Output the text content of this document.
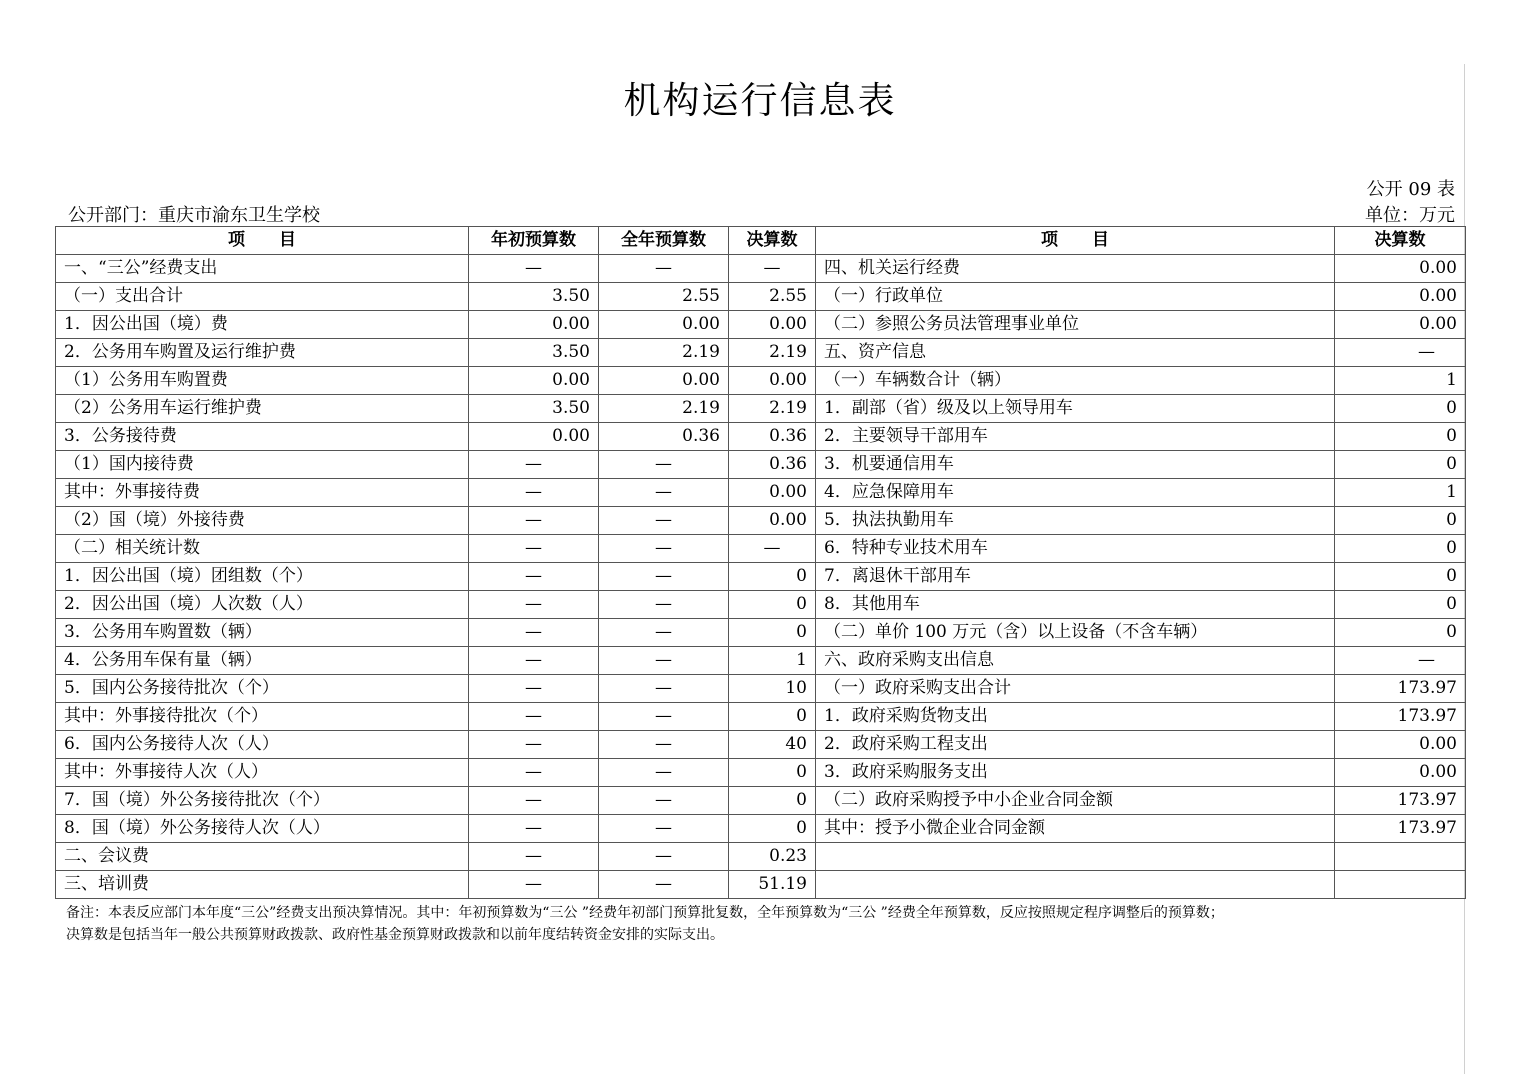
机构运行信息表
公开 09 表
公开部门：重庆市渝东卫生学校	单位：万元
项　　目	年初预算数	全年预算数	决算数	项　　目	决算数
一、“三公”经费支出	—	—	—	四、机关运行经费	0.00
（一）支出合计	3.50	2.55	2.55	（一）行政单位	0.00
1．因公出国（境）费	0.00	0.00	0.00	（二）参照公务员法管理事业单位	0.00
2．公务用车购置及运行维护费	3.50	2.19	2.19	五、资产信息	—
（1）公务用车购置费	0.00	0.00	0.00	（一）车辆数合计（辆）	1
（2）公务用车运行维护费	3.50	2.19	2.19	1．副部（省）级及以上领导用车	0
3．公务接待费	0.00	0.36	0.36	2．主要领导干部用车	0
（1）国内接待费	—	—	0.36	3．机要通信用车	0
其中：外事接待费	—	—	0.00	4．应急保障用车	1
（2）国（境）外接待费	—	—	0.00	5．执法执勤用车	0
（二）相关统计数	—	—	—	6．特种专业技术用车	0
1．因公出国（境）团组数（个）	—	—	0	7．离退休干部用车	0
2．因公出国（境）人次数（人）	—	—	0	8．其他用车	0
3．公务用车购置数（辆）	—	—	0	（二）单价 100 万元（含）以上设备（不含车辆）	0
4．公务用车保有量（辆）	—	—	1	六、政府采购支出信息	—
5．国内公务接待批次（个）	—	—	10	（一）政府采购支出合计	173.97
其中：外事接待批次（个）	—	—	0	1．政府采购货物支出	173.97
6．国内公务接待人次（人）	—	—	40	2．政府采购工程支出	0.00
其中：外事接待人次（人）	—	—	0	3．政府采购服务支出	0.00
7．国（境）外公务接待批次（个）	—	—	0	（二）政府采购授予中小企业合同金额	173.97
8．国（境）外公务接待人次（人）	—	—	0	其中：授予小微企业合同金额	173.97
二、会议费	—	—	0.23		
三、培训费	—	—	51.19		
备注：本表反应部门本年度“三公”经费支出预决算情况。其中：年初预算数为“三公 ”经费年初部门预算批复数，全年预算数为“三公 ”经费全年预算数，反应按照规定程序调整后的预算数；
决算数是包括当年一般公共预算财政拨款、政府性基金预算财政拨款和以前年度结转资金安排的实际支出。
